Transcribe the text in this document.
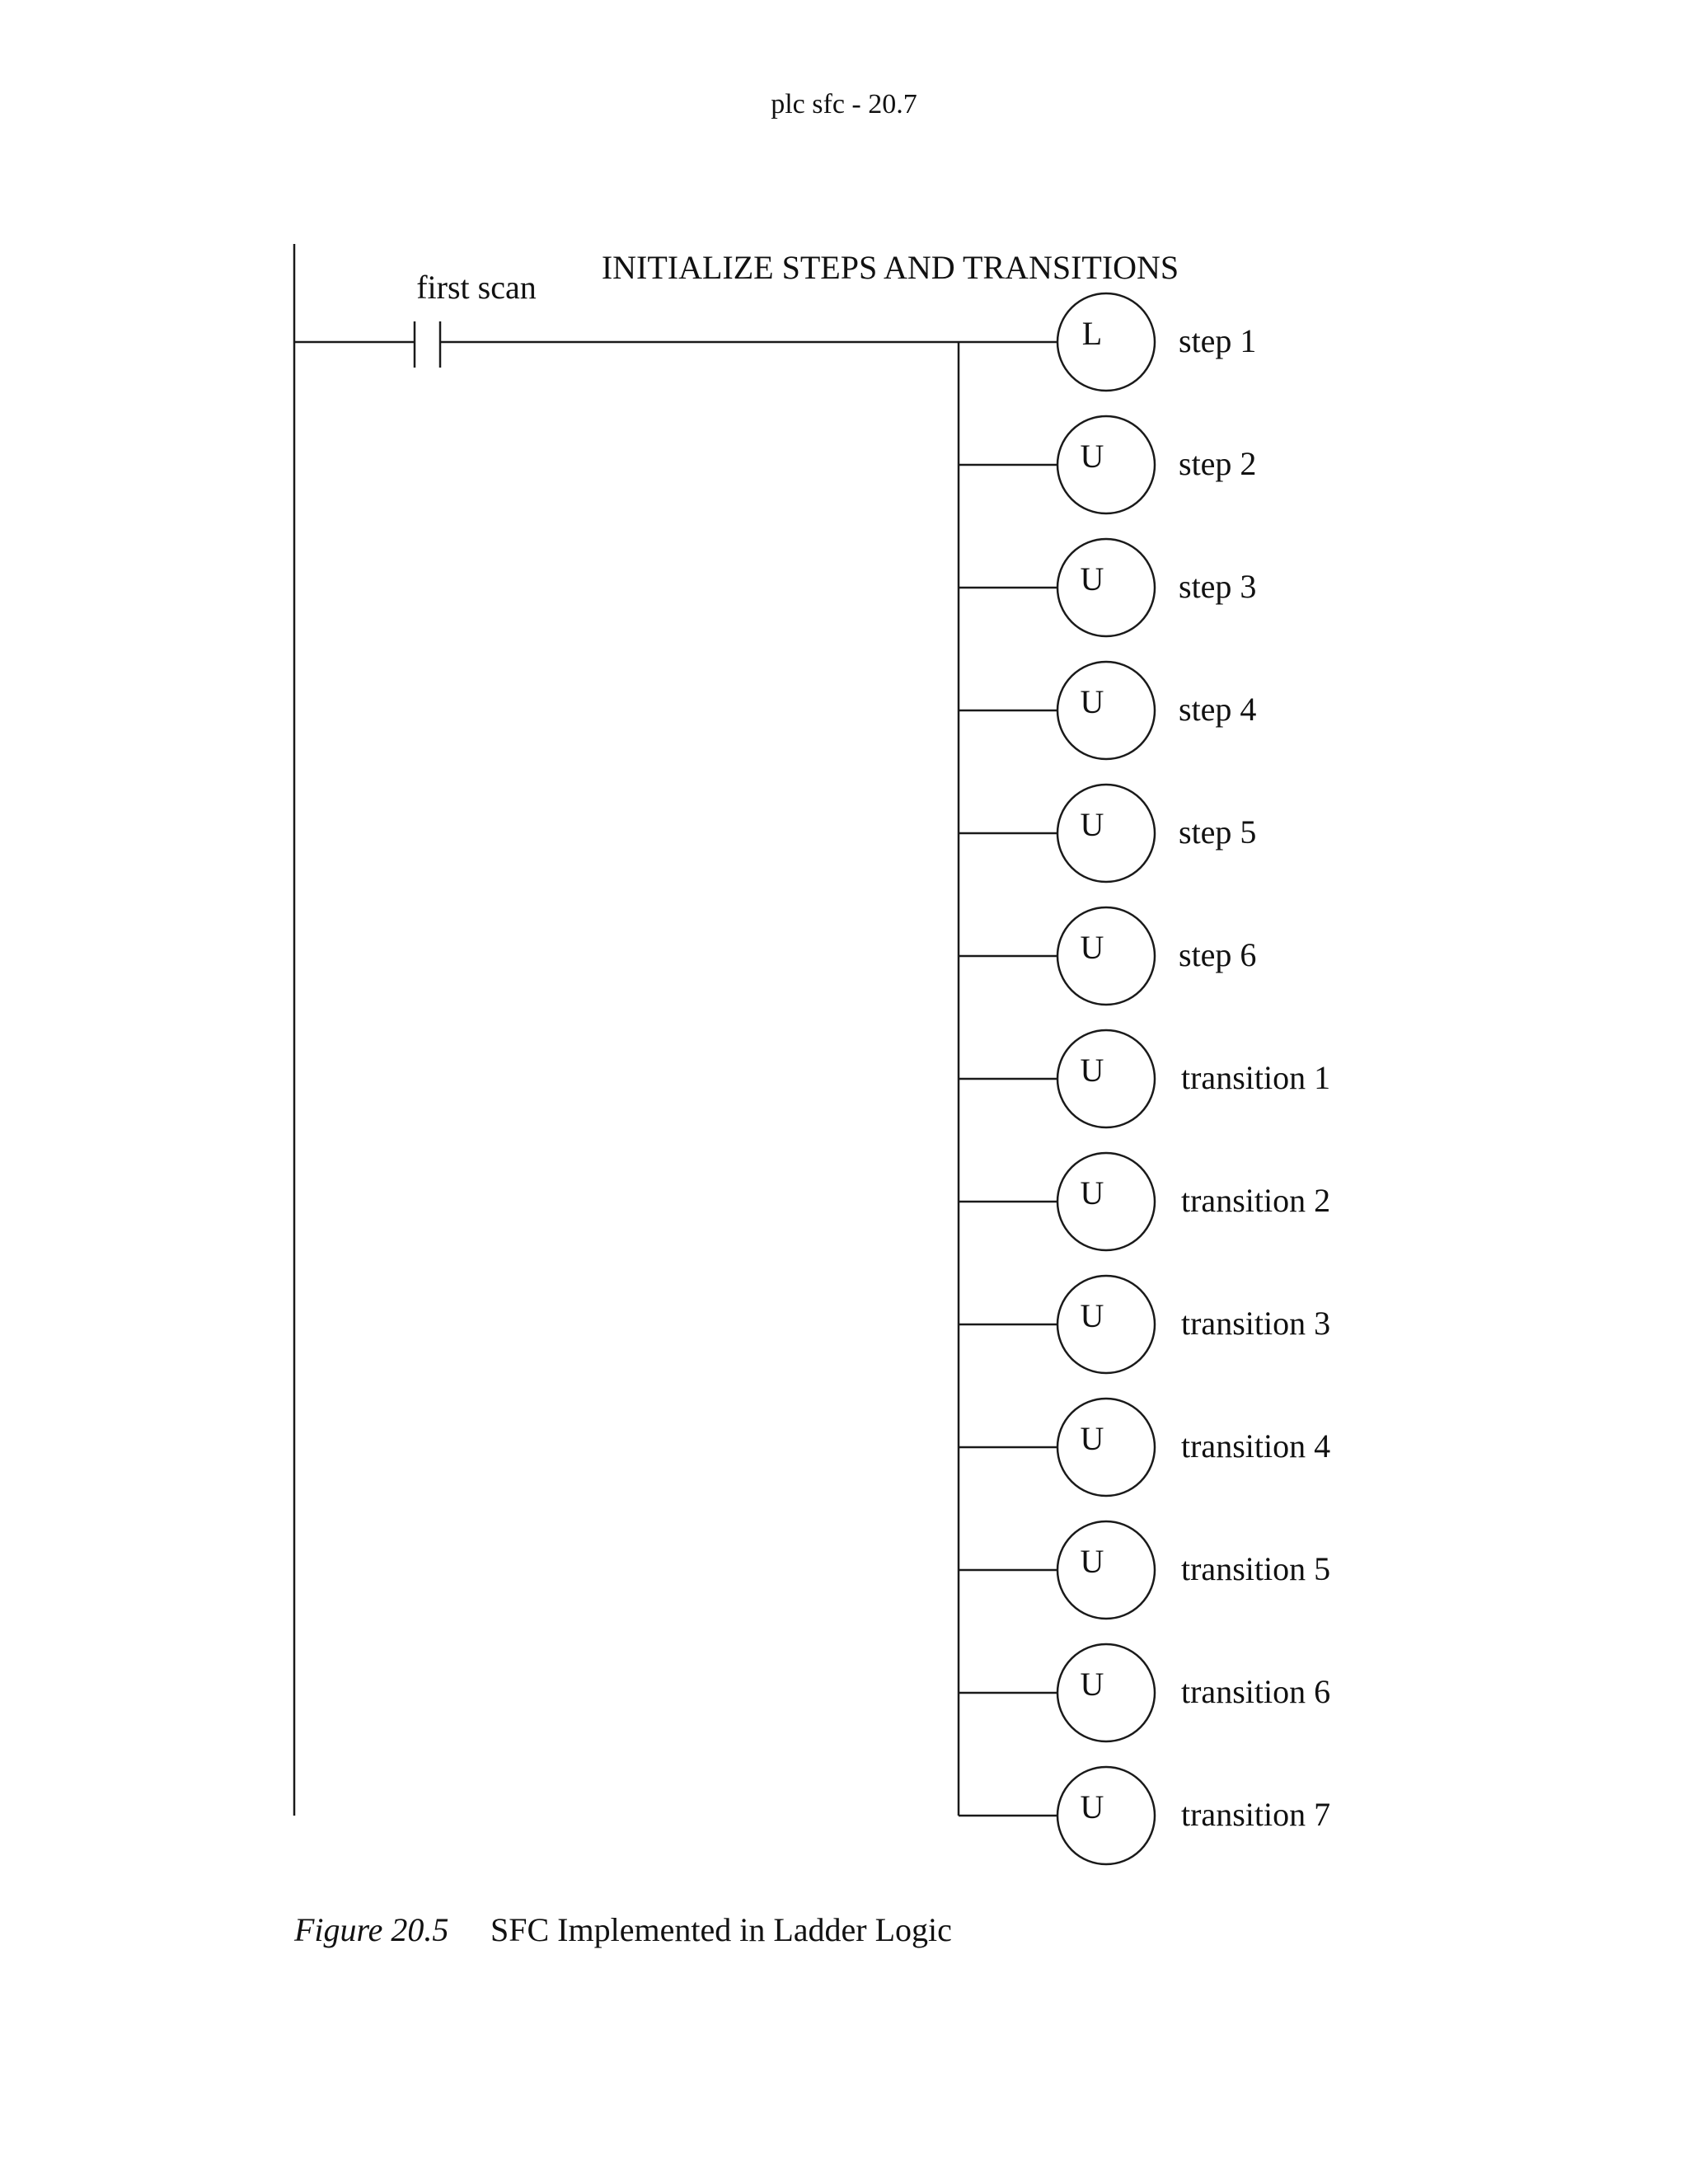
plc sfc - 20.7
first scan
INITIALIZE STEPS AND TRANSITIONS
L step 1
U step 2
U step 3
U step 4
U step 5
U step 6
U transition 1
U transition 2
U transition 3
U transition 4
U transition 5
U transition 6
U transition 7
Figure 20.5 SFC Implemented in Ladder Logic
